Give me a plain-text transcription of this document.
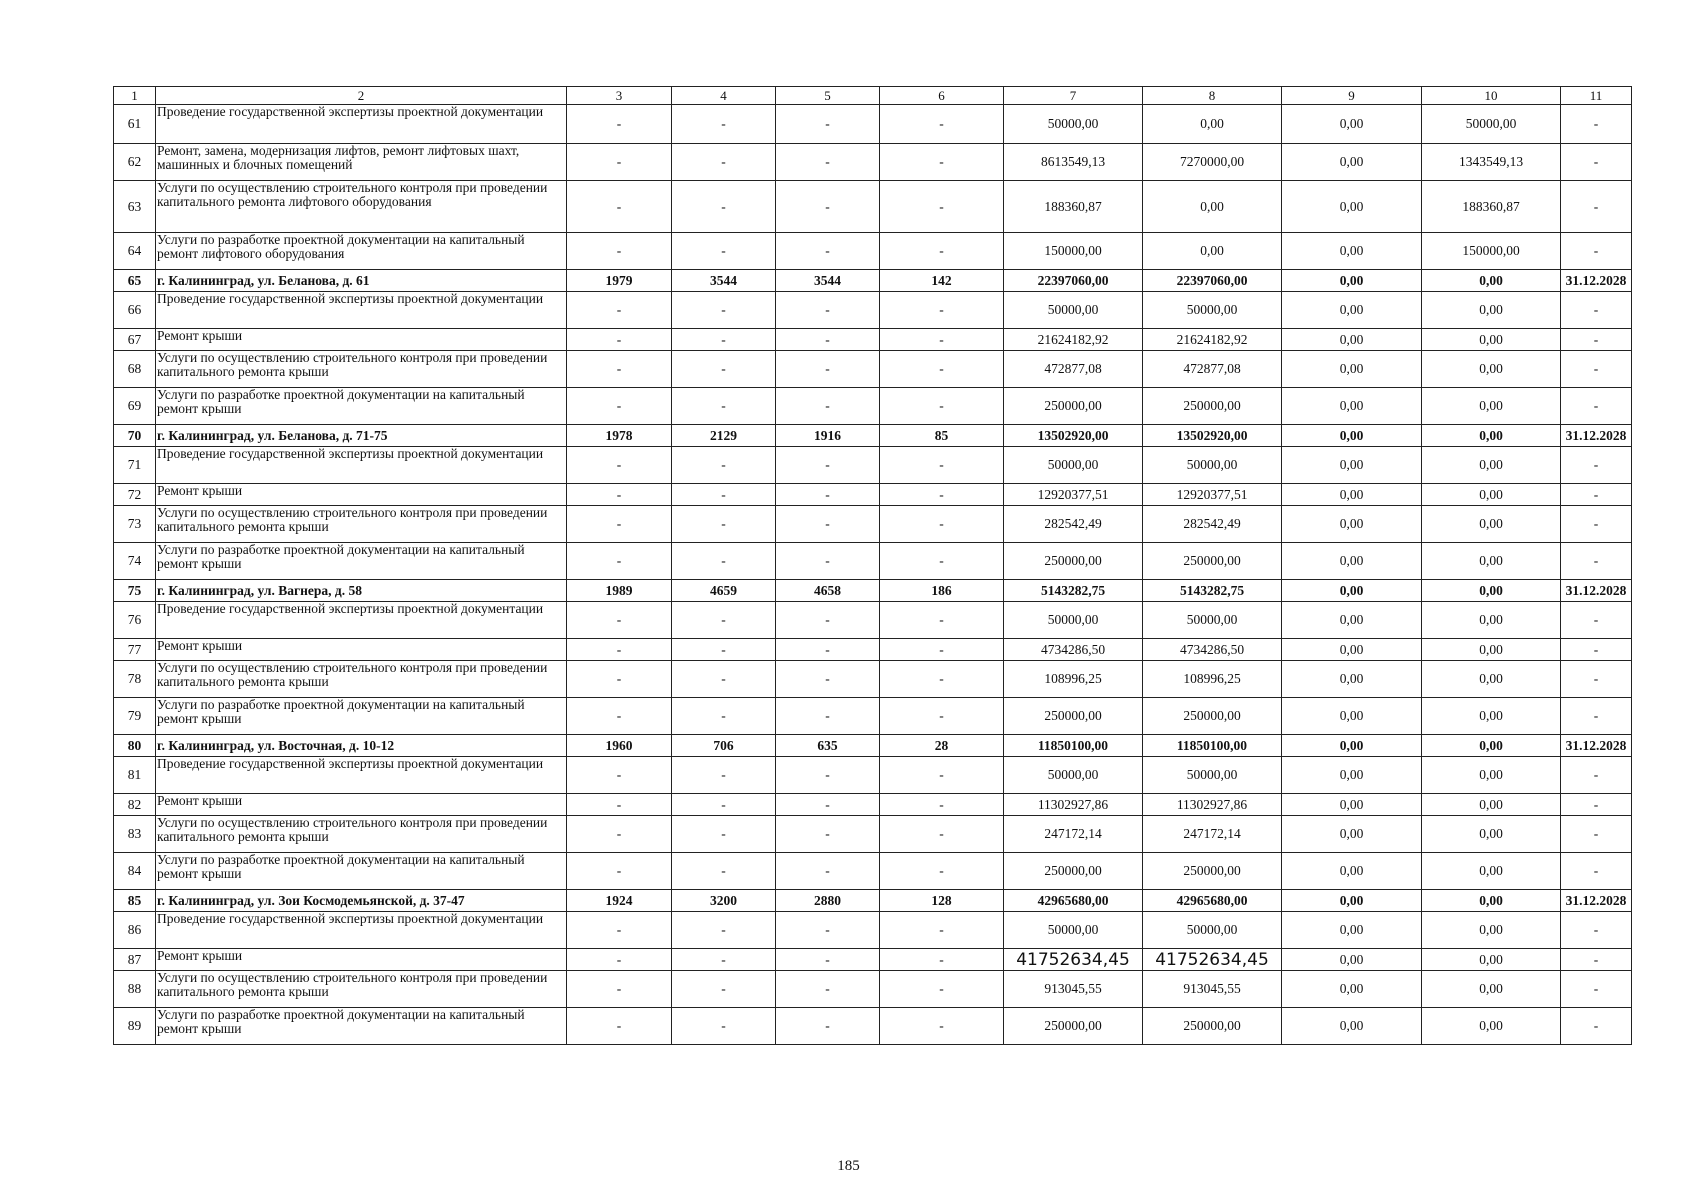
1	2	3	4	5	6	7	8	9	10	11
61	Проведение государственной экспертизы проектной документации	-	-	-	-	50000,00	0,00	0,00	50000,00	-
62	Ремонт, замена, модернизация лифтов, ремонт лифтовых шахт, машинных и блочных помещений	-	-	-	-	8613549,13	7270000,00	0,00	1343549,13	-
63	Услуги по осуществлению строительного контроля при проведении капитального ремонта лифтового оборудования	-	-	-	-	188360,87	0,00	0,00	188360,87	-
64	Услуги по разработке проектной документации на капитальный ремонт лифтового оборудования	-	-	-	-	150000,00	0,00	0,00	150000,00	-
65	г. Калининград, ул. Беланова, д. 61	1979	3544	3544	142	22397060,00	22397060,00	0,00	0,00	31.12.2028
66	Проведение государственной экспертизы проектной документации	-	-	-	-	50000,00	50000,00	0,00	0,00	-
67	Ремонт крыши	-	-	-	-	21624182,92	21624182,92	0,00	0,00	-
68	Услуги по осуществлению строительного контроля при проведении капитального ремонта крыши	-	-	-	-	472877,08	472877,08	0,00	0,00	-
69	Услуги по разработке проектной документации на капитальный ремонт крыши	-	-	-	-	250000,00	250000,00	0,00	0,00	-
70	г. Калининград, ул. Беланова, д. 71-75	1978	2129	1916	85	13502920,00	13502920,00	0,00	0,00	31.12.2028
71	Проведение государственной экспертизы проектной документации	-	-	-	-	50000,00	50000,00	0,00	0,00	-
72	Ремонт крыши	-	-	-	-	12920377,51	12920377,51	0,00	0,00	-
73	Услуги по осуществлению строительного контроля при проведении капитального ремонта крыши	-	-	-	-	282542,49	282542,49	0,00	0,00	-
74	Услуги по разработке проектной документации на капитальный ремонт крыши	-	-	-	-	250000,00	250000,00	0,00	0,00	-
75	г. Калининград, ул. Вагнера, д. 58	1989	4659	4658	186	5143282,75	5143282,75	0,00	0,00	31.12.2028
76	Проведение государственной экспертизы проектной документации	-	-	-	-	50000,00	50000,00	0,00	0,00	-
77	Ремонт крыши	-	-	-	-	4734286,50	4734286,50	0,00	0,00	-
78	Услуги по осуществлению строительного контроля при проведении капитального ремонта крыши	-	-	-	-	108996,25	108996,25	0,00	0,00	-
79	Услуги по разработке проектной документации на капитальный ремонт крыши	-	-	-	-	250000,00	250000,00	0,00	0,00	-
80	г. Калининград, ул. Восточная, д. 10-12	1960	706	635	28	11850100,00	11850100,00	0,00	0,00	31.12.2028
81	Проведение государственной экспертизы проектной документации	-	-	-	-	50000,00	50000,00	0,00	0,00	-
82	Ремонт крыши	-	-	-	-	11302927,86	11302927,86	0,00	0,00	-
83	Услуги по осуществлению строительного контроля при проведении капитального ремонта крыши	-	-	-	-	247172,14	247172,14	0,00	0,00	-
84	Услуги по разработке проектной документации на капитальный ремонт крыши	-	-	-	-	250000,00	250000,00	0,00	0,00	-
85	г. Калининград, ул. Зои Космодемьянской, д. 37-47	1924	3200	2880	128	42965680,00	42965680,00	0,00	0,00	31.12.2028
86	Проведение государственной экспертизы проектной документации	-	-	-	-	50000,00	50000,00	0,00	0,00	-
87	Ремонт крыши	-	-	-	-	41752634,45	41752634,45	0,00	0,00	-
88	Услуги по осуществлению строительного контроля при проведении капитального ремонта крыши	-	-	-	-	913045,55	913045,55	0,00	0,00	-
89	Услуги по разработке проектной документации на капитальный ремонт крыши	-	-	-	-	250000,00	250000,00	0,00	0,00	-
185
